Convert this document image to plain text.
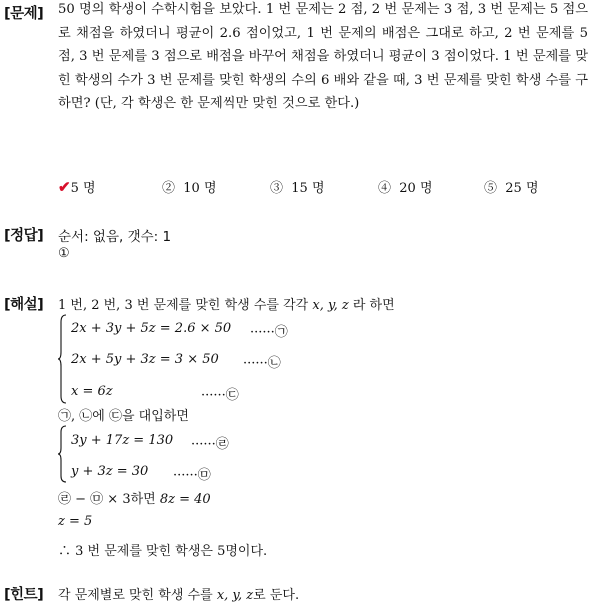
[문제] 50 명의 학생이 수학시험을 보았다. 1 번 문제는 2 점, 2 번 문제는 3 점, 3 번 문제는 5 점으로 채점을 하였더니 평균이 2.6 점이었고, 1 번 문제의 배점은 그대로 하고, 2 번 문제를 5 점, 3 번 문제를 3 점으로 배점을 바꾸어 채점을 하였더니 평균이 3 점이었다. 1 번 문제를 맞힌 학생의 수가 3 번 문제를 맞힌 학생의 수의 6 배와 같을 때, 3 번 문제를 맞힌 학생 수를 구하면? (단, 각 학생은 한 문제씩만 맞힌 것으로 한다.)
✔5 명	② 10 명	③ 15 명	④ 20 명	⑤ 25 명
[정답] 순서: 없음, 갯수: 1
①
[해설] 1 번, 2 번, 3 번 문제를 맞힌 학생 수를 각각 x, y, z 라 하면
2x + 3y + 5z = 2.6 × 50 ······㉠
2x + 5y + 3z = 3 × 50 ······㉡
x = 6z	······㉢
㉠, ㉡에 ㉢을 대입하면
3y + 17z = 130 ······㉣
y + 3z = 30 ······㉤
㉣ − ㉤ × 3하면 8z = 40
z = 5
∴ 3 번 문제를 맞힌 학생은 5명이다.
[힌트] 각 문제별로 맞힌 학생 수를 x, y, z로 둔다.
